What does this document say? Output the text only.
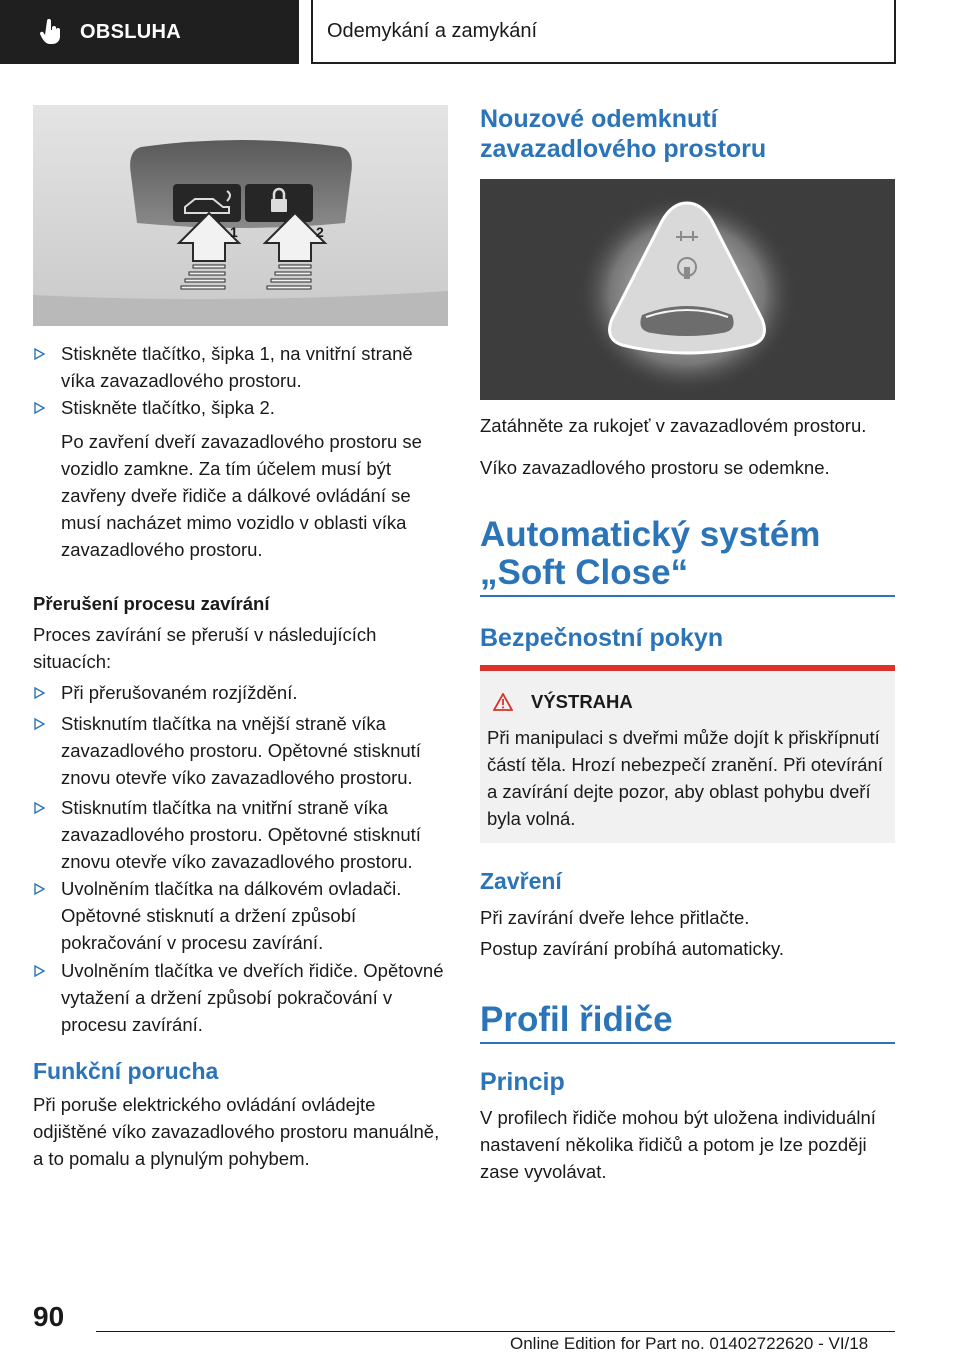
OBSLUHA	Odemykání a zamykání
1	2
Stiskněte tlačítko, šipka 1, na vnitřní straně víka zavazadlového prostoru.
Stiskněte tlačítko, šipka 2.
Po zavření dveří zavazadlového prostoru se vozidlo zamkne. Za tím účelem musí být zavřeny dveře řidiče a dálkové ovládání se musí nacházet mimo vozidlo v oblasti víka zavazadlového prostoru.
Přerušení procesu zavírání
Proces zavírání se přeruší v následujících situacích:
Při přerušovaném rozjíždění.
Stisknutím tlačítka na vnější straně víka zavazadlového prostoru. Opětovné stisknutí znovu otevře víko zavazadlového prostoru.
Stisknutím tlačítka na vnitřní straně víka zavazadlového prostoru. Opětovné stisknutí znovu otevře víko zavazadlového prostoru.
Uvolněním tlačítka na dálkovém ovladači. Opětovné stisknutí a držení způsobí pokračování v procesu zavírání.
Uvolněním tlačítka ve dveřích řidiče. Opětovné vytažení a držení způsobí pokračování v procesu zavírání.
Funkční porucha
Při poruše elektrického ovládání ovládejte odjištěné víko zavazadlového prostoru manuálně, a to pomalu a plynulým pohybem.
Nouzové odemknutí zavazadlového prostoru
Zatáhněte za rukojeť v zavazadlovém prostoru.
Víko zavazadlového prostoru se odemkne.
Automatický systém „Soft Close“
Bezpečnostní pokyn
VÝSTRAHA
Při manipulaci s dveřmi může dojít k přiskřípnutí částí těla. Hrozí nebezpečí zranění. Při otevírání a zavírání dejte pozor, aby oblast pohybu dveří byla volná.
Zavření
Při zavírání dveře lehce přitlačte.
Postup zavírání probíhá automaticky.
Profil řidiče
Princip
V profilech řidiče mohou být uložena individuální nastavení několika řidičů a potom je lze později zase vyvolávat.
90
Online Edition for Part no. 01402722620 - VI/18
